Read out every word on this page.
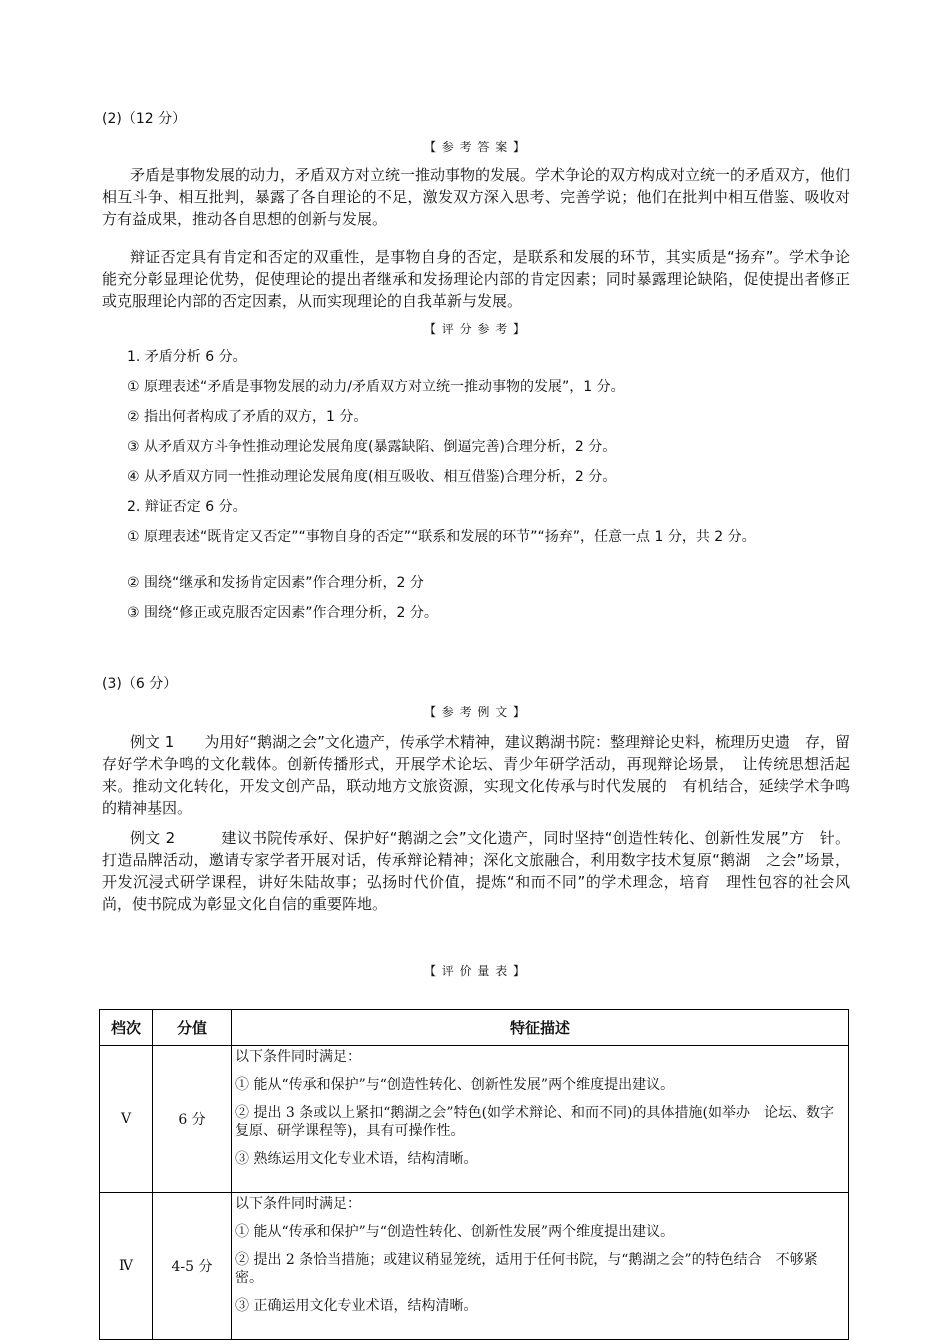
(2)（12 分）
【 参 考 答 案 】

矛盾是事物发展的动力，矛盾双方对立统一推动事物的发展。学术争论的双方构成对立统一的矛盾双方，他们相互斗争、相互批判，暴露了各自理论的不足，激发双方深入思考、完善学说；他们在批判中相互借鉴、吸收对方有益成果，推动各自思想的创新与发展。

辩证否定具有肯定和否定的双重性，是事物自身的否定，是联系和发展的环节，其实质是“扬弃”。学术争论能充分彰显理论优势，促使理论的提出者继承和发扬理论内部的肯定因素；同时暴露理论缺陷，促使提出者修正或克服理论内部的否定因素，从而实现理论的自我革新与发展。

【 评 分 参 考 】
1. 矛盾分析 6 分。
① 原理表述“矛盾是事物发展的动力/矛盾双方对立统一推动事物的发展”，1 分。
② 指出何者构成了矛盾的双方，1 分。
③ 从矛盾双方斗争性推动理论发展角度(暴露缺陷、倒逼完善)合理分析，2 分。
④ 从矛盾双方同一性推动理论发展角度(相互吸收、相互借鉴)合理分析，2 分。
2. 辩证否定 6 分。
① 原理表述“既肯定又否定”“事物自身的否定”“联系和发展的环节”“扬弃”，任意一点 1 分，共 2 分。
② 围绕“继承和发扬肯定因素”作合理分析，2 分
③ 围绕“修正或克服否定因素”作合理分析，2 分。
(3)（6 分）
【 参 考 例 文 】

例文 1　　为用好“鹅湖之会”文化遗产，传承学术精神，建议鹅湖书院：整理辩论史料，梳理历史遗　存，留存好学术争鸣的文化载体。创新传播形式，开展学术论坛、青少年研学活动，再现辩论场景，　让传统思想活起来。推动文化转化，开发文创产品，联动地方文旅资源，实现文化传承与时代发展的　有机结合，延续学术争鸣的精神基因。

例文 2　　　建议书院传承好、保护好“鹅湖之会”文化遗产，同时坚持“创造性转化、创新性发展”方　针。打造品牌活动，邀请专家学者开展对话，传承辩论精神；深化文旅融合，利用数字技术复原“鹅湖　之会”场景，开发沉浸式研学课程，讲好朱陆故事；弘扬时代价值，提炼“和而不同”的学术理念，培育　理性包容的社会风尚，使书院成为彰显文化自信的重要阵地。

【 评 价 量 表 】
档次	分值	特征描述
Ⅴ	6 分	以下条件同时满足：

① 能从“传承和保护”与“创造性转化、创新性发展”两个维度提出建议。

② 提出 3 条或以上紧扣“鹅湖之会”特色(如学术辩论、和而不同)的具体措施(如举办　论坛、数字复原、研学课程等)，具有可操作性。

③ 熟练运用文化专业术语，结构清晰。

Ⅳ	4-5 分	以下条件同时满足：

① 能从“传承和保护”与“创造性转化、创新性发展”两个维度提出建议。

② 提出 2 条恰当措施；或建议稍显笼统，适用于任何书院，与“鹅湖之会”的特色结合　不够紧密。

③ 正确运用文化专业术语，结构清晰。
